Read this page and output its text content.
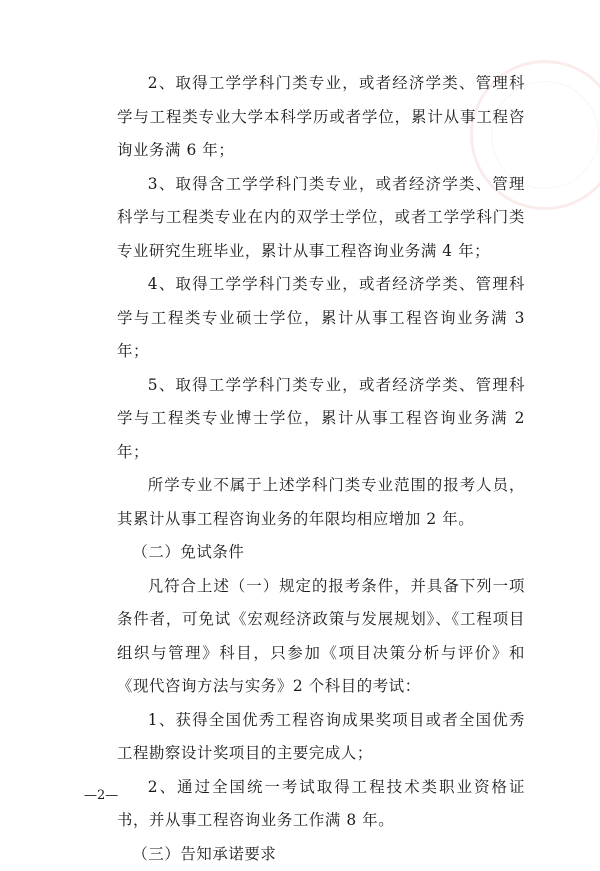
2、取得工学学科门类专业，或者经济学类、管理科学与工程类专业大学本科学历或者学位，累计从事工程咨询业务满 6 年；

3、取得含工学学科门类专业，或者经济学类、管理科学与工程类专业在内的双学士学位，或者工学学科门类专业研究生班毕业，累计从事工程咨询业务满 4 年；

4、取得工学学科门类专业，或者经济学类、管理科学与工程类专业硕士学位，累计从事工程咨询业务满 3 年；

5、取得工学学科门类专业，或者经济学类、管理科学与工程类专业博士学位，累计从事工程咨询业务满 2 年；

所学专业不属于上述学科门类专业范围的报考人员，其累计从事工程咨询业务的年限均相应增加 2 年。

（二）免试条件

凡符合上述（一）规定的报考条件，并具备下列一项条件者，可免试《宏观经济政策与发展规划》、《工程项目组织与管理》科目，只参加《项目决策分析与评价》和《现代咨询方法与实务》2 个科目的考试：

1、获得全国优秀工程咨询成果奖项目或者全国优秀工程勘察设计奖项目的主要完成人；

2、通过全国统一考试取得工程技术类职业资格证书，并从事工程咨询业务工作满 8 年。

（三）告知承诺要求

—2—
